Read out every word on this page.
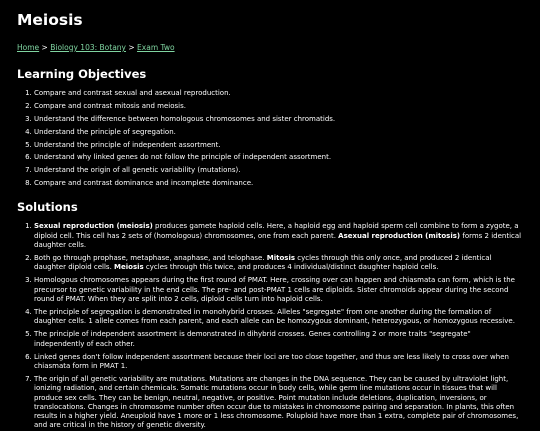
Meiosis
Home > Biology 103: Botany > Exam Two
Learning Objectives
1. Compare and contrast sexual and asexual reproduction.
2. Compare and contrast mitosis and meiosis.
3. Understand the difference between homologous chromosomes and sister chromatids.
4. Understand the principle of segregation.
5. Understand the principle of independent assortment.
6. Understand why linked genes do not follow the principle of independent assortment.
7. Understand the origin of all genetic variability (mutations).
8. Compare and contrast dominance and incomplete dominance.
Solutions
1. Sexual reproduction (meiosis) produces gamete haploid cells. Here, a haploid egg and haploid sperm cell combine to form a zygote, a diploid cell. This cell has 2 sets of (homologous) chromosomes, one from each parent. Asexual reproduction (mitosis) forms 2 identical daughter cells.
2. Both go through prophase, metaphase, anaphase, and telophase. Mitosis cycles through this only once, and produced 2 identical daughter diploid cells. Meiosis cycles through this twice, and produces 4 individual/distinct daughter haploid cells.
3. Homologous chromosomes appears during the first round of PMAT. Here, crossing over can happen and chiasmata can form, which is the precursor to genetic variability in the end cells. The pre- and post-PMAT 1 cells are diploids. Sister chromoids appear during the second round of PMAT. When they are split into 2 cells, diploid cells turn into haploid cells.
4. The principle of segregation is demonstrated in monohybrid crosses. Alleles "segregate" from one another during the formation of daughter cells. 1 allele comes from each parent, and each allele can be homozygous dominant, heterozygous, or homozygous recessive.
5. The principle of independent assortment is demonstrated in dihybrid crosses. Genes controlling 2 or more traits "segregate" independently of each other.
6. Linked genes don't follow independent assortment because their loci are too close together, and thus are less likely to cross over when chiasmata form in PMAT 1.
7. The origin of all genetic variability are mutations. Mutations are changes in the DNA sequence. They can be caused by ultraviolet light, ionizing radiation, and certain chemicals. Somatic mutations occur in body cells, while germ line mutations occur in tissues that will produce sex cells. They can be benign, neutral, negative, or positive. Point mutation include deletions, duplication, inversions, or translocations. Changes in chromosome number often occur due to mistakes in chromosome pairing and separation. In plants, this often results in a higher yield. Aneuploid have 1 more or 1 less chromosome. Poluploid have more than 1 extra, complete pair of chromosomes, and are critical in the history of genetic diversity.
